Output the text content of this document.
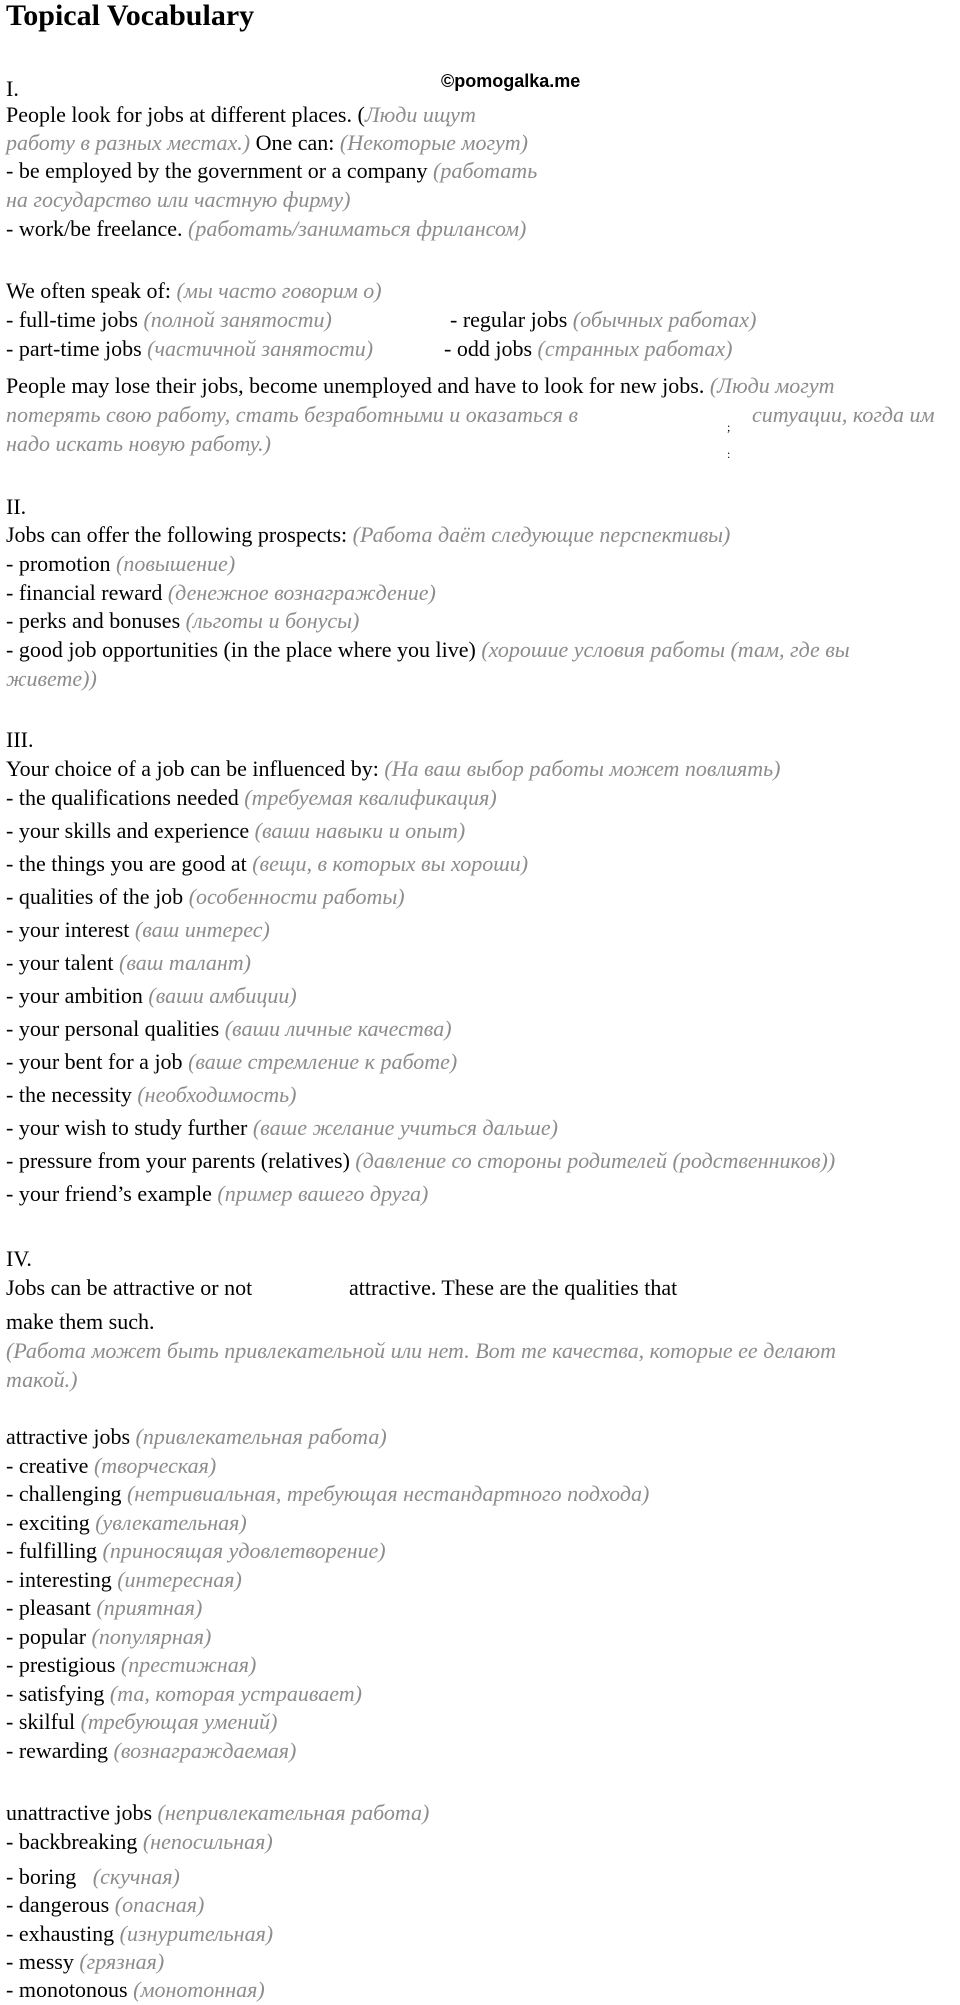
Topical Vocabulary
©pomogalka.me
I.
People look for jobs at different places. (Люди ищут
работу в разных местах.) One can: (Некоторые могут)
- be employed by the government or a company (работать
на государство или частную фирму)
- work/be freelance. (работать/заниматься фрилансом)
We often speak of: (мы часто говорим о)
- full-time jobs (полной занятости)	- regular jobs (обычных работах)
- part-time jobs (частичной занятости)	- odd jobs (странных работах)
People may lose their jobs, become unemployed and have to look for new jobs. (Люди могут
потерять свою работу, стать безработными и оказаться в	ситуации, когда им
надо искать новую работу.)
;
:
II.
Jobs can offer the following prospects: (Работа даёт следующие перспективы)
- promotion (повышение)
- financial reward (денежное вознаграждение)
- perks and bonuses (льготы и бонусы)
- good job opportunities (in the place where you live) (хорошие условия работы (там, где вы
живете))
III.
Your choice of a job can be influenced by: (На ваш выбор работы может повлиять)
- the qualifications needed (требуемая квалификация)
- your skills and experience (ваши навыки и опыт)
- the things you are good at (вещи, в которых вы хороши)
- qualities of the job (особенности работы)
- your interest (ваш интерес)
- your talent (ваш талант)
- your ambition (ваши амбиции)
- your personal qualities (ваши личные качества)
- your bent for a job (ваше стремление к работе)
- the necessity (необходимость)
- your wish to study further (ваше желание учиться дальше)
- pressure from your parents (relatives) (давление со стороны родителей (родственников))
- your friend’s example (пример вашего друга)
IV.
Jobs can be attractive or not	attractive. These are the qualities that
make them such.
(Работа может быть привлекательной или нет. Вот те качества, которые ее делают
такой.)
attractive jobs (привлекательная работа)
- creative (творческая)
- challenging (нетривиальная, требующая нестандартного подхода)
- exciting (увлекательная)
- fulfilling (приносящая удовлетворение)
- interesting (интересная)
- pleasant (приятная)
- popular (популярная)
- prestigious (престижная)
- satisfying (та, которая устраивает)
- skilful (требующая умений)
- rewarding (вознаграждаемая)
unattractive jobs (непривлекательная работа)
- backbreaking (непосильная)
- boring   (скучная)
- dangerous (опасная)
- exhausting (изнурительная)
- messy (грязная)
- monotonous (монотонная)
